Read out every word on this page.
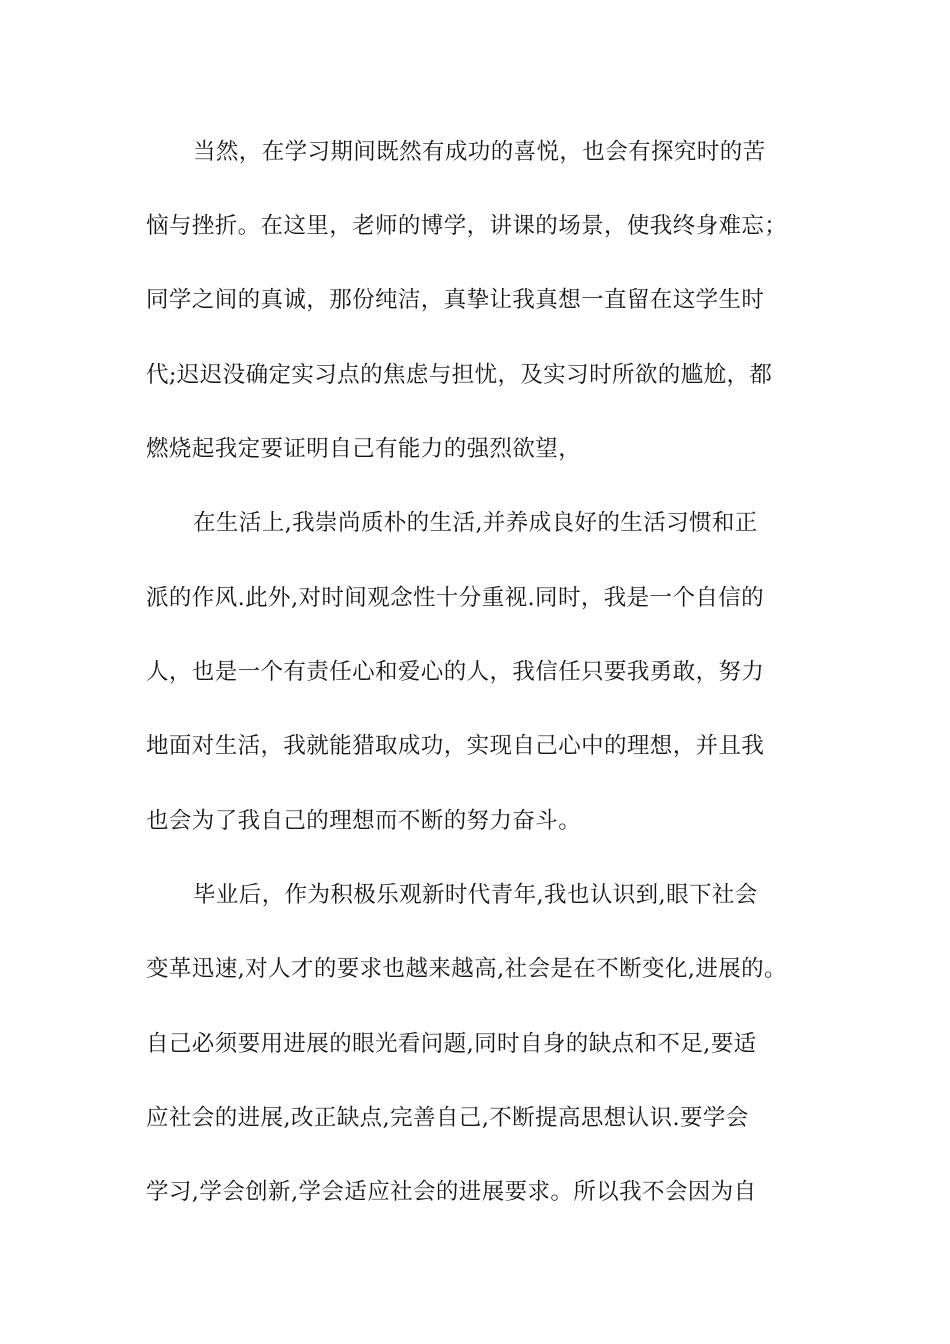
当然，在学习期间既然有成功的喜悦，也会有探究时的苦
恼与挫折。在这里，老师的博学，讲课的场景，使我终身难忘；
同学之间的真诚，那份纯洁，真挚让我真想一直留在这学生时
代;迟迟没确定实习点的焦虑与担忧，及实习时所欲的尴尬，都
燃烧起我定要证明自己有能力的强烈欲望，
在生活上,我崇尚质朴的生活,并养成良好的生活习惯和正
派的作风.此外,对时间观念性十分重视.同时，我是一个自信的
人，也是一个有责任心和爱心的人，我信任只要我勇敢，努力
地面对生活，我就能猎取成功，实现自己心中的理想，并且我
也会为了我自己的理想而不断的努力奋斗。
毕业后，作为积极乐观新时代青年,我也认识到,眼下社会
变革迅速,对人才的要求也越来越高,社会是在不断变化,进展的。
自己必须要用进展的眼光看问题,同时自身的缺点和不足,要适
应社会的进展,改正缺点,完善自己,不断提高思想认识.要学会
学习,学会创新,学会适应社会的进展要求。所以我不会因为自
